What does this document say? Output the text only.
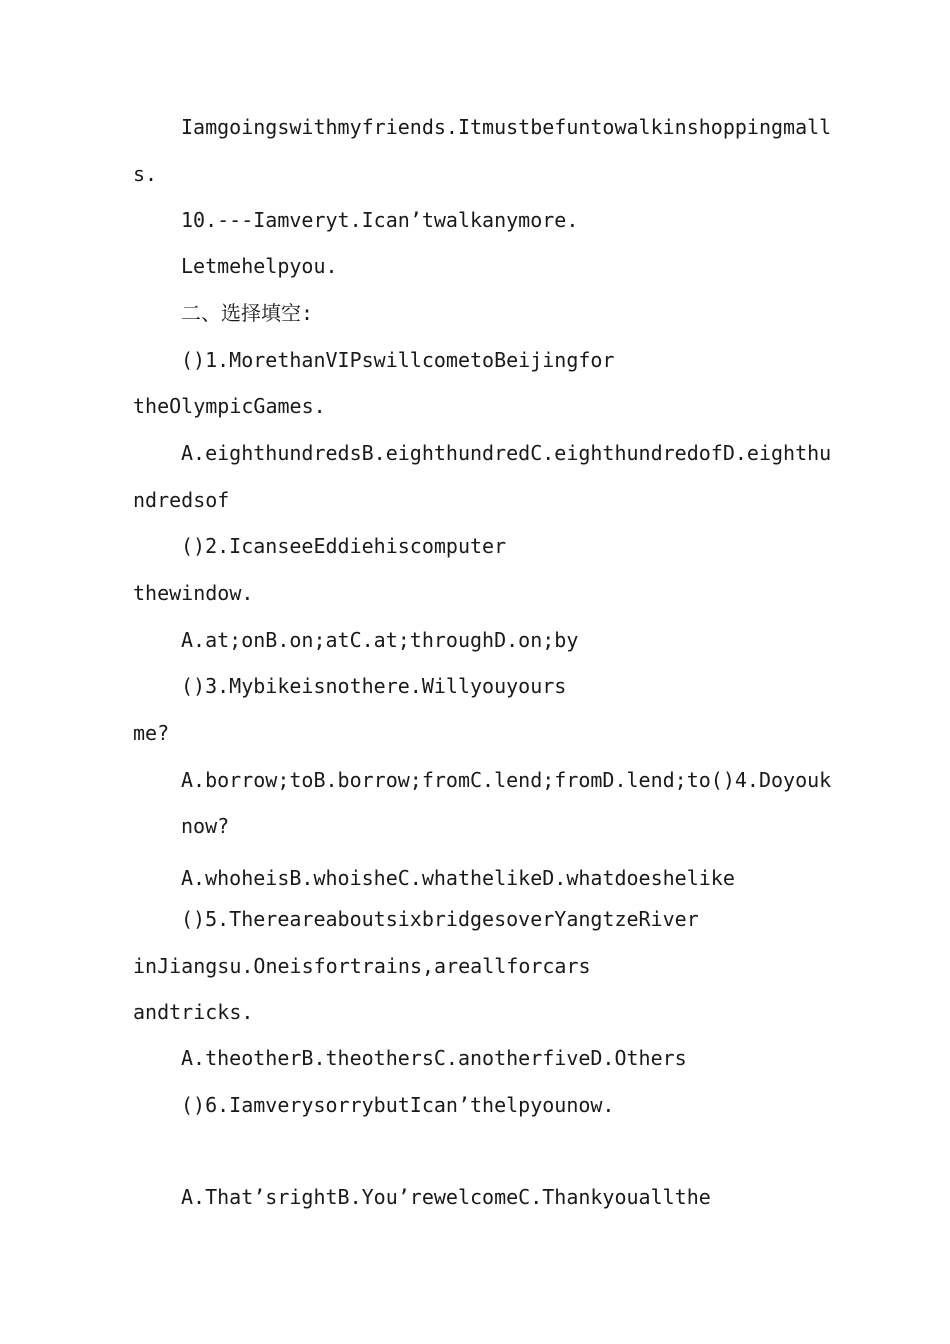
Iamgoingswithmyfriends.Itmustbefuntowalkinshoppingmall
s.
10.---Iamveryt.Ican’twalkanymore.
Letmehelpyou.
二、选择填空:
()1.MorethanVIPswillcometoBeijingfor
theOlympicGames.
A.eighthundredsB.eighthundredC.eighthundredofD.eighthu
ndredsof
()2.IcanseeEddiehiscomputer
thewindow.
A.at;onB.on;atC.at;throughD.on;by
()3.Mybikeisnothere.Willyouyours
me?
A.borrow;toB.borrow;fromC.lend;fromD.lend;to()4.Doyouk
now?
A.whoheisB.whoisheC.whathelikeD.whatdoeshelike
()5.ThereareaboutsixbridgesoverYangtzeRiver
inJiangsu.Oneisfortrains,areallforcars
andtricks.
A.theotherB.theothersC.anotherfiveD.Others
()6.IamverysorrybutIcan’thelpyounow.
A.That’srightB.You’rewelcomeC.Thankyouallthe
